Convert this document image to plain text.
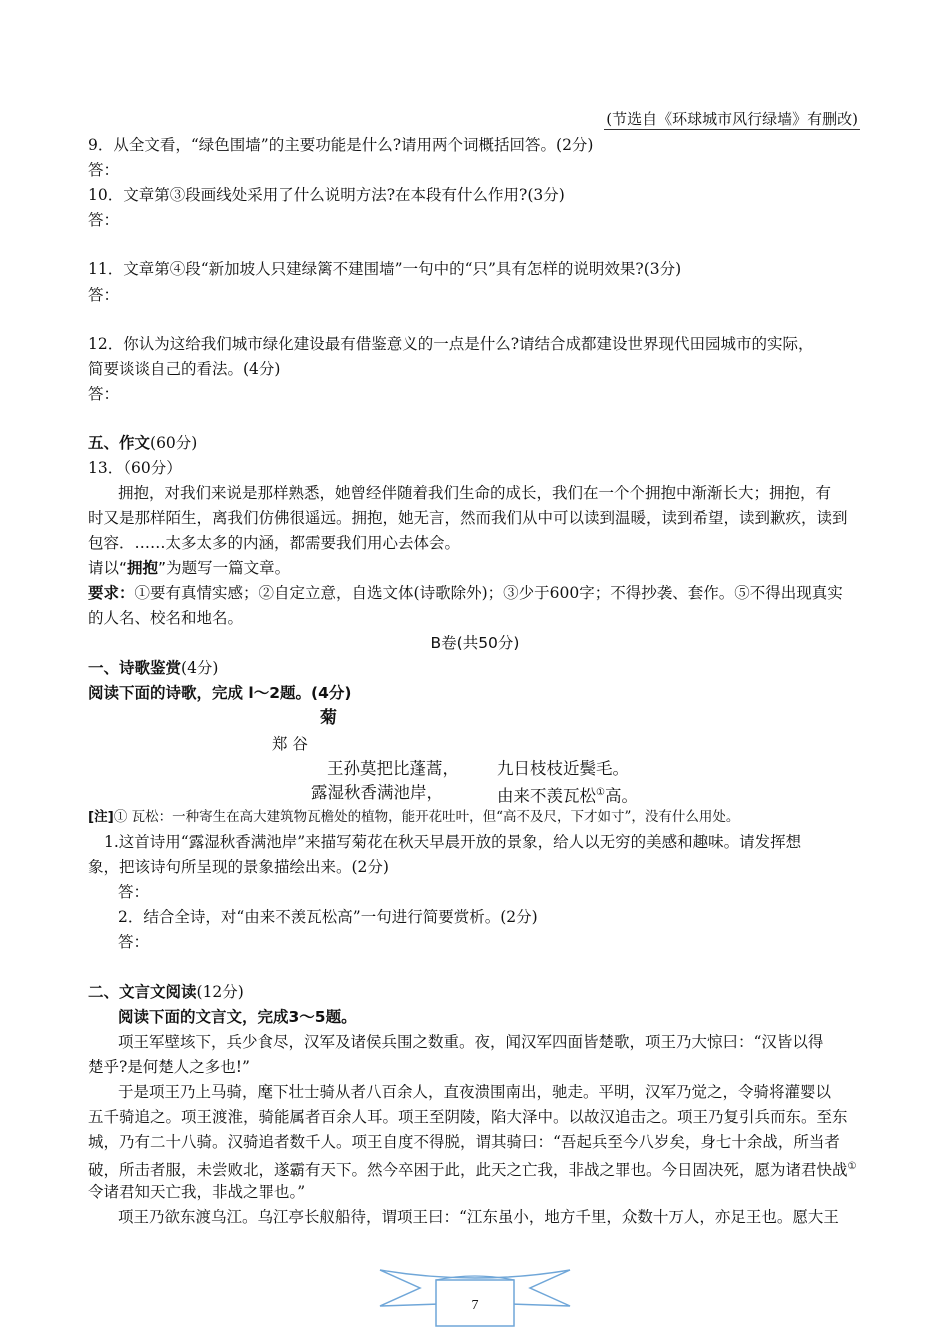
(节选自《环球城市风行绿墙》有删改)
9．从全文看，“绿色围墙”的主要功能是什么?请用两个词概括回答。(2分)
答：
10．文章第③段画线处采用了什么说明方法?在本段有什么作用?(3分)
答：
11．文章第④段“新加坡人只建绿篱不建围墙”一句中的“只”具有怎样的说明效果?(3分)
答：
12．你认为这给我们城市绿化建设最有借鉴意义的一点是什么?请结合成都建设世界现代田园城市的实际，
简要谈谈自己的看法。(4分)
答：
五、作文(60分)
13．（60分）
拥抱，对我们来说是那样熟悉，她曾经伴随着我们生命的成长，我们在一个个拥抱中渐渐长大；拥抱，有
时又是那样陌生，离我们仿佛很遥远。拥抱，她无言，然而我们从中可以读到温暖，读到希望，读到歉疚，读到
包容．……太多太多的内涵，都需要我们用心去体会。
请以“拥抱”为题写一篇文章。
要求：①要有真情实感；②自定立意，自选文体(诗歌除外)；③少于600字；不得抄袭、套作。⑤不得出现真实
的人名、校名和地名。
B卷(共50分)
一、诗歌鉴赏(4分)
阅读下面的诗歌，完成 l～2题。(4分)
菊
郑 谷
王孙莫把比蓬蒿， 九日枝枝近鬓毛。
露湿秋香满池岸，	由来不羡瓦松①高。
[注]① 瓦松：一种寄生在高大建筑物瓦檐处的植物，能开花吐叶，但“高不及尺，下才如寸”，没有什么用处。
1.这首诗用“露湿秋香满池岸”来描写菊花在秋天早晨开放的景象，给人以无穷的美感和趣味。请发挥想
象，把该诗句所呈现的景象描绘出来。(2分)
答：
2．结合全诗，对“由来不羡瓦松高”一句进行简要赏析。(2分)
答：
二、文言文阅读(12分)
阅读下面的文言文，完成3～5题。
项王军壁垓下，兵少食尽，汉军及诸侯兵围之数重。夜，闻汉军四面皆楚歌，项王乃大惊曰：“汉皆以得
楚乎?是何楚人之多也!”
于是项王乃上马骑，麾下壮士骑从者八百余人，直夜溃围南出，驰走。平明，汉军乃觉之，令骑将灌婴以
五千骑追之。项王渡淮，骑能属者百余人耳。项王至阴陵，陷大泽中。以故汉追击之。项王乃复引兵而东。至东
城，乃有二十八骑。汉骑追者数千人。项王自度不得脱，谓其骑曰：“吾起兵至今八岁矣，身七十余战，所当者
破，所击者服，未尝败北，遂霸有天下。然今卒困于此，此天之亡我，非战之罪也。今日固决死，愿为诸君快战①
令诸君知天亡我，非战之罪也。”
项王乃欲东渡乌江。乌江亭长舣船待，谓项王曰：“江东虽小，地方千里，众数十万人，亦足王也。愿大王
7
